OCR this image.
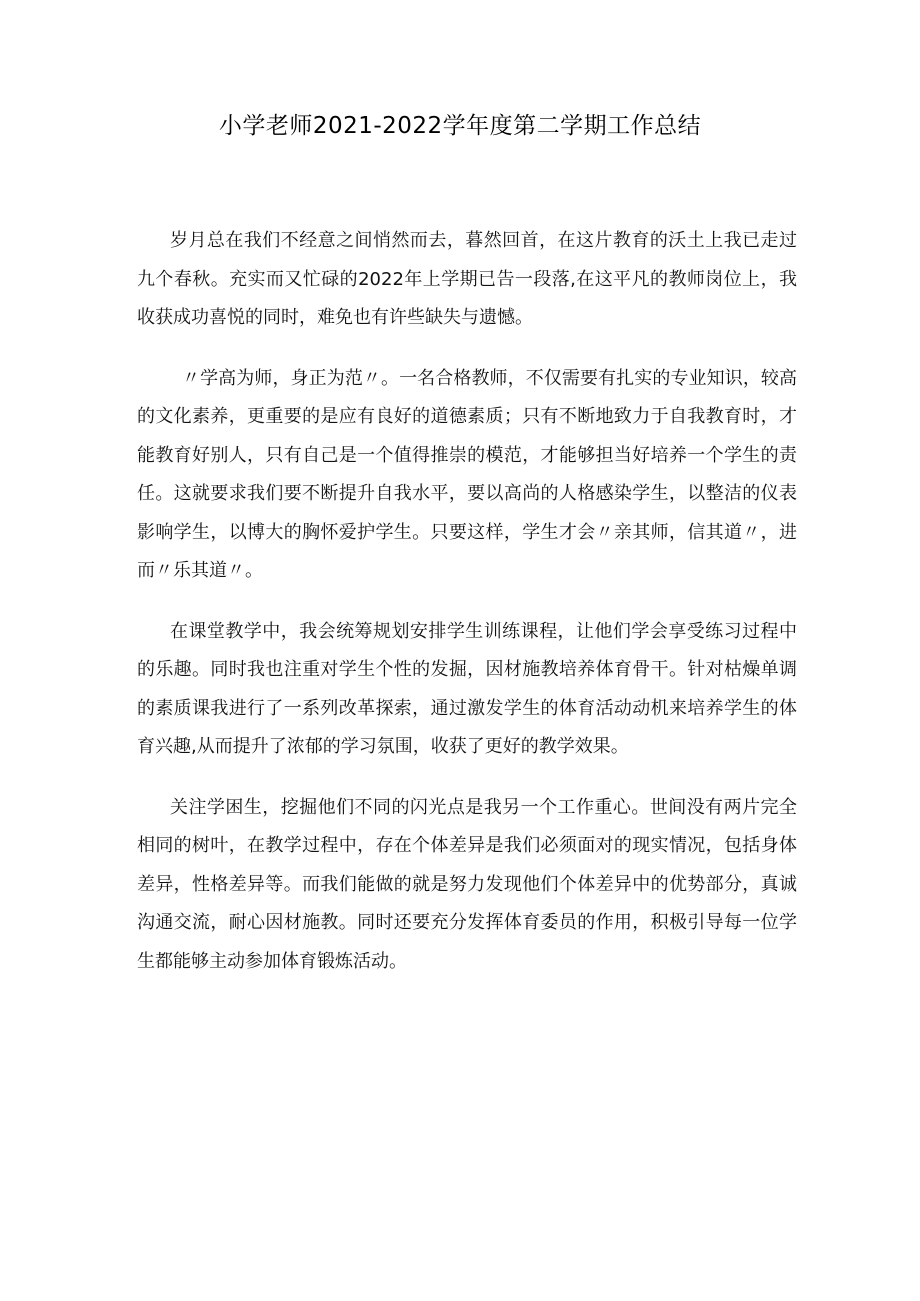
小学老师2021-2022学年度第二学期工作总结

岁月总在我们不经意之间悄然而去，暮然回首，在这片教育的沃土上我已走过九个春秋。充实而又忙碌的2022年上学期已告一段落,在这平凡的教师岗位上，我收获成功喜悦的同时，难免也有许些缺失与遗憾。

〃学高为师，身正为范〃。一名合格教师，不仅需要有扎实的专业知识，较高的文化素养，更重要的是应有良好的道德素质；只有不断地致力于自我教育时，才能教育好别人，只有自己是一个值得推崇的模范，才能够担当好培养一个学生的责任。这就要求我们要不断提升自我水平，要以高尚的人格感染学生，以整洁的仪表影响学生，以博大的胸怀爱护学生。只要这样，学生才会〃亲其师，信其道〃，进而〃乐其道〃。

在课堂教学中，我会统筹规划安排学生训练课程，让他们学会享受练习过程中的乐趣。同时我也注重对学生个性的发掘，因材施教培养体育骨干。针对枯燥单调的素质课我进行了一系列改革探索，通过激发学生的体育活动动机来培养学生的体育兴趣,从而提升了浓郁的学习氛围，收获了更好的教学效果。

关注学困生，挖掘他们不同的闪光点是我另一个工作重心。世间没有两片完全相同的树叶，在教学过程中，存在个体差异是我们必须面对的现实情况，包括身体差异，性格差异等。而我们能做的就是努力发现他们个体差异中的优势部分，真诚沟通交流，耐心因材施教。同时还要充分发挥体育委员的作用，积极引导每一位学生都能够主动参加体育锻炼活动。
